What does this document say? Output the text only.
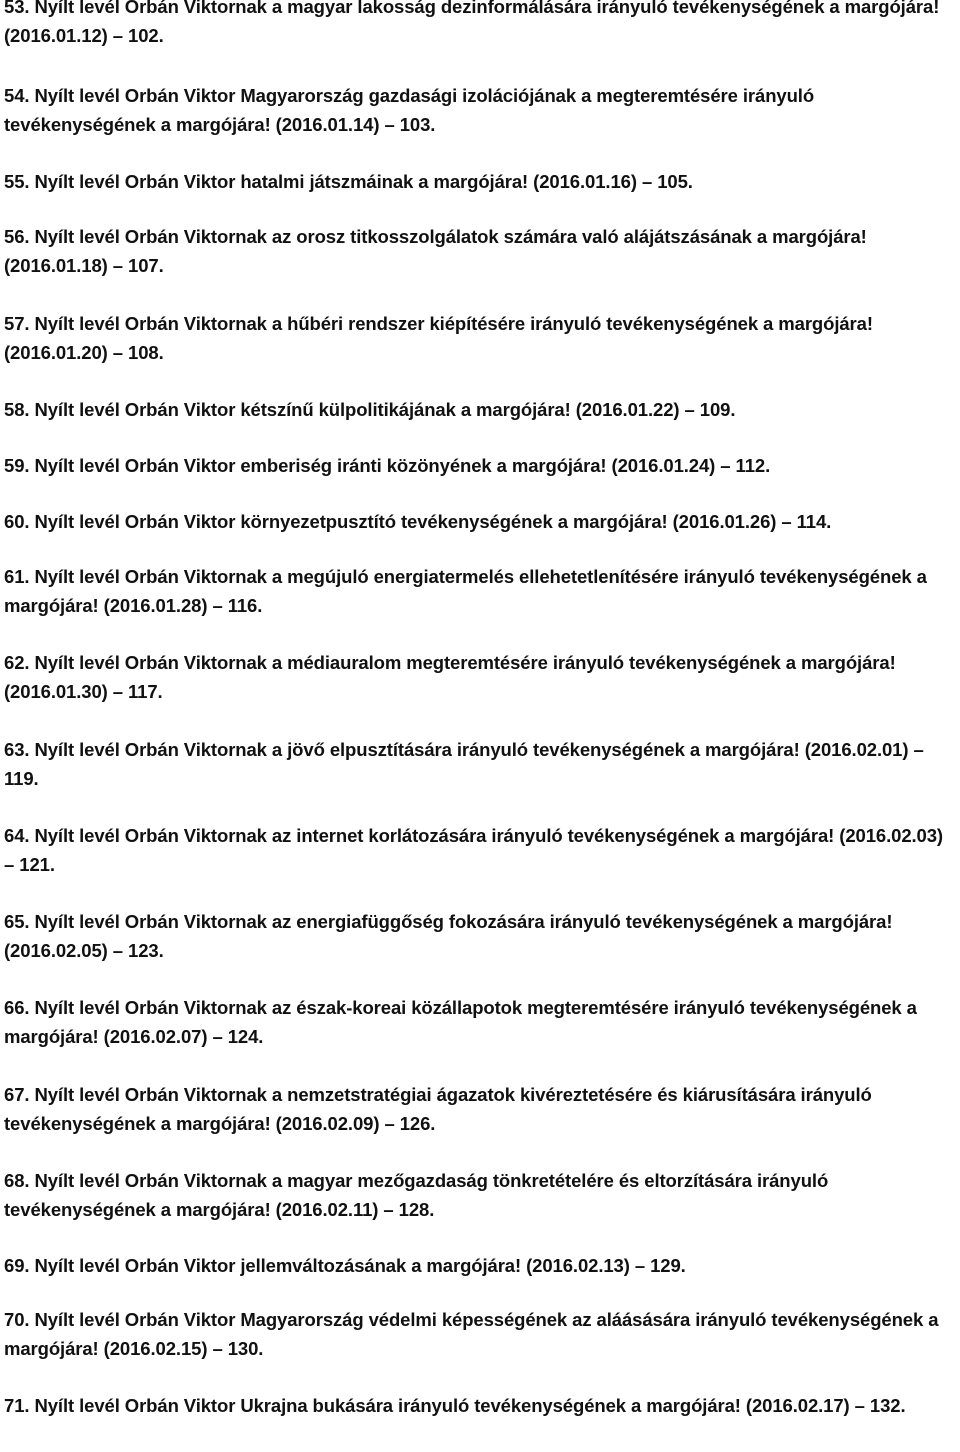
53. Nyílt levél Orbán Viktornak a magyar lakosság dezinformálására irányuló tevékenységének a margójára! (2016.01.12) – 102.
54. Nyílt levél Orbán Viktor Magyarország gazdasági izolációjának a megteremtésére irányuló tevékenységének a margójára! (2016.01.14) – 103.
55. Nyílt levél Orbán Viktor hatalmi játszmáinak a margójára! (2016.01.16) – 105.
56. Nyílt levél Orbán Viktornak az orosz titkosszolgálatok számára való alájátszásának a margójára! (2016.01.18) – 107.
57. Nyílt levél Orbán Viktornak a hűbéri rendszer kiépítésére irányuló tevékenységének a margójára! (2016.01.20) – 108.
58. Nyílt levél Orbán Viktor kétszínű külpolitikájának a margójára! (2016.01.22) – 109.
59. Nyílt levél Orbán Viktor emberiség iránti közönyének a margójára! (2016.01.24) – 112.
60. Nyílt levél Orbán Viktor környezetpusztító tevékenységének a margójára! (2016.01.26) – 114.
61. Nyílt levél Orbán Viktornak a megújuló energiatermelés ellehetetlenítésére irányuló tevékenységének a margójára! (2016.01.28) – 116.
62. Nyílt levél Orbán Viktornak a médiauralom megteremtésére irányuló tevékenységének a margójára! (2016.01.30) – 117.
63. Nyílt levél Orbán Viktornak a jövő elpusztítására irányuló tevékenységének a margójára! (2016.02.01) – 119.
64. Nyílt levél Orbán Viktornak az internet korlátozására irányuló tevékenységének a margójára! (2016.02.03) – 121.
65. Nyílt levél Orbán Viktornak az energiafüggőség fokozására irányuló tevékenységének a margójára! (2016.02.05) – 123.
66. Nyílt levél Orbán Viktornak az észak-koreai közállapotok megteremtésére irányuló tevékenységének a margójára! (2016.02.07) – 124.
67. Nyílt levél Orbán Viktornak a nemzetstratégiai ágazatok kivéreztetésére és kiárusítására irányuló tevékenységének a margójára! (2016.02.09) – 126.
68. Nyílt levél Orbán Viktornak a magyar mezőgazdaság tönkretételére és eltorzítására irányuló tevékenységének a margójára! (2016.02.11) – 128.
69. Nyílt levél Orbán Viktor jellemváltozásának a margójára! (2016.02.13) – 129.
70. Nyílt levél Orbán Viktor Magyarország védelmi képességének az aláásására irányuló tevékenységének a margójára! (2016.02.15) – 130.
71. Nyílt levél Orbán Viktor Ukrajna bukására irányuló tevékenységének a margójára! (2016.02.17) – 132.
